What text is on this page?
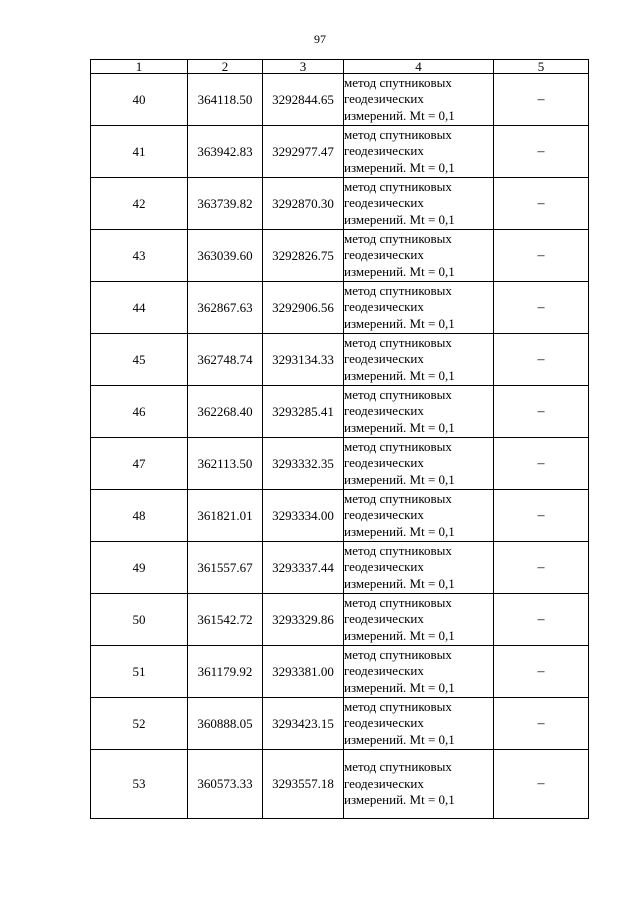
97
1	2	3	4	5
40	364118.50	3292844.65	метод спутниковых
геодезических
измерений. Mt = 0,1	–
41	363942.83	3292977.47	метод спутниковых
геодезических
измерений. Mt = 0,1	–
42	363739.82	3292870.30	метод спутниковых
геодезических
измерений. Mt = 0,1	–
43	363039.60	3292826.75	метод спутниковых
геодезических
измерений. Mt = 0,1	–
44	362867.63	3292906.56	метод спутниковых
геодезических
измерений. Mt = 0,1	–
45	362748.74	3293134.33	метод спутниковых
геодезических
измерений. Mt = 0,1	–
46	362268.40	3293285.41	метод спутниковых
геодезических
измерений. Mt = 0,1	–
47	362113.50	3293332.35	метод спутниковых
геодезических
измерений. Mt = 0,1	–
48	361821.01	3293334.00	метод спутниковых
геодезических
измерений. Mt = 0,1	–
49	361557.67	3293337.44	метод спутниковых
геодезических
измерений. Mt = 0,1	–
50	361542.72	3293329.86	метод спутниковых
геодезических
измерений. Mt = 0,1	–
51	361179.92	3293381.00	метод спутниковых
геодезических
измерений. Mt = 0,1	–
52	360888.05	3293423.15	метод спутниковых
геодезических
измерений. Mt = 0,1	–
53	360573.33	3293557.18	метод спутниковых
геодезических
измерений. Mt = 0,1	–
